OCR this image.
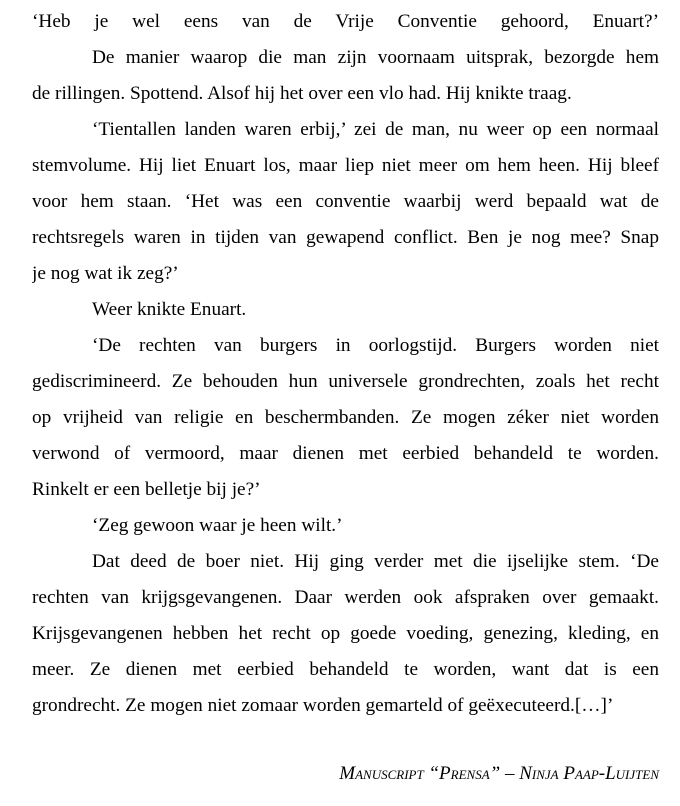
‘Heb je wel eens van de Vrije Conventie gehoord, Enuart?’
De manier waarop die man zijn voornaam uitsprak, bezorgde hem
de rillingen. Spottend. Alsof hij het over een vlo had. Hij knikte traag.
‘Tientallen landen waren erbij,’ zei de man, nu weer op een normaal
stemvolume. Hij liet Enuart los, maar liep niet meer om hem heen. Hij bleef
voor hem staan. ‘Het was een conventie waarbij werd bepaald wat de
rechtsregels waren in tijden van gewapend conflict. Ben je nog mee? Snap
je nog wat ik zeg?’
Weer knikte Enuart.
‘De rechten van burgers in oorlogstijd. Burgers worden niet
gediscrimineerd. Ze behouden hun universele grondrechten, zoals het recht
op vrijheid van religie en beschermbanden. Ze mogen zéker niet worden
verwond of vermoord, maar dienen met eerbied behandeld te worden.
Rinkelt er een belletje bij je?’
‘Zeg gewoon waar je heen wilt.’
Dat deed de boer niet. Hij ging verder met die ijselijke stem. ‘De
rechten van krijgsgevangenen. Daar werden ook afspraken over gemaakt.
Krijsgevangenen hebben het recht op goede voeding, genezing, kleding, en
meer. Ze dienen met eerbied behandeld te worden, want dat is een
grondrecht. Ze mogen niet zomaar worden gemarteld of geëxecuteerd.[…]’
Manuscript “Prensa” – Ninja Paap-Luijten
